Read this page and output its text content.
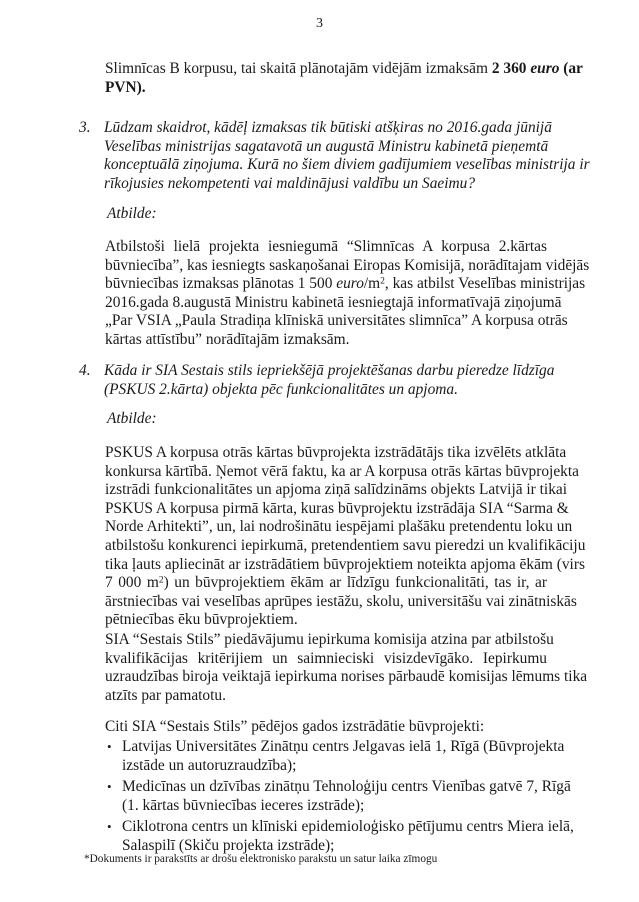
3
Slimnīcas B korpusu, tai skaitā plānotajām vidējām izmaksām 2 360 euro (ar
PVN).
3. Lūdzam skaidrot, kādēļ izmaksas tik būtiski atšķiras no 2016.gada jūnijā
Veselības ministrijas sagatavotā un augustā Ministru kabinetā pieņemtā
konceptuālā ziņojuma. Kurā no šiem diviem gadījumiem veselības ministrija ir
rīkojusies nekompetenti vai maldinājusi valdību un Saeimu?
Atbilde:
Atbilstoši lielā projekta iesniegumā “Slimnīcas A korpusa 2.kārtas
būvniecība”, kas iesniegts saskaņošanai Eiropas Komisijā, norādītajam vidējās
būvniecības izmaksas plānotas 1 500 euro/$m^2$, kas atbilst Veselības ministrijas
2016.gada 8.augustā Ministru kabinetā iesniegtajā informatīvajā ziņojumā
„Par VSIA „Paula Stradiņa klīniskā universitātes slimnīca” A korpusa otrās
kārtas attīstību” norādītajām izmaksām.
4. Kāda ir SIA Sestais stils iepriekšējā projektēšanas darbu pieredze līdzīga
(PSKUS 2.kārta) objekta pēc funkcionalitātes un apjoma.
Atbilde:
PSKUS A korpusa otrās kārtas būvprojekta izstrādātājs tika izvēlēts atklāta
konkursa kārtībā. Ņemot vērā faktu, ka ar A korpusa otrās kārtas būvprojekta
izstrādi funkcionalitātes un apjoma ziņā salīdzināms objekts Latvijā ir tikai
PSKUS A korpusa pirmā kārta, kuras būvprojektu izstrādāja SIA “Sarma &
Norde Arhitekti”, un, lai nodrošinātu iespējami plašāku pretendentu loku un
atbilstošu konkurenci iepirkumā, pretendentiem savu pieredzi un kvalifikāciju
tika ļauts apliecināt ar izstrādātiem būvprojektiem noteikta apjoma ēkām (virs
7 000 $m^2$) un būvprojektiem ēkām ar līdzīgu funkcionalitāti, tas ir, ar
ārstniecības vai veselības aprūpes iestāžu, skolu, universitāšu vai zinātniskās
pētniecības ēku būvprojektiem.
SIA “Sestais Stils” piedāvājumu iepirkuma komisija atzina par atbilstošu
kvalifikācijas kritērijiem un saimnieciski visizdevīgāko. Iepirkumu
uzraudzības biroja veiktajā iepirkuma norises pārbaudē komisijas lēmums tika
atzīts par pamatotu.
Citi SIA “Sestais Stils” pēdējos gados izstrādātie būvprojekti:
• Latvijas Universitātes Zinātņu centrs Jelgavas ielā 1, Rīgā (Būvprojekta
izstāde un autoruzraudzība);
• Medicīnas un dzīvības zinātņu Tehnoloģiju centrs Vienības gatvē 7, Rīgā
(1. kārtas būvniecības ieceres izstrāde);
• Ciklotrona centrs un klīniski epidemioloģisko pētījumu centrs Miera ielā,
Salaspilī (Skiču projekta izstrāde);
*Dokuments ir parakstīts ar drošu elektronisko parakstu un satur laika zīmogu
